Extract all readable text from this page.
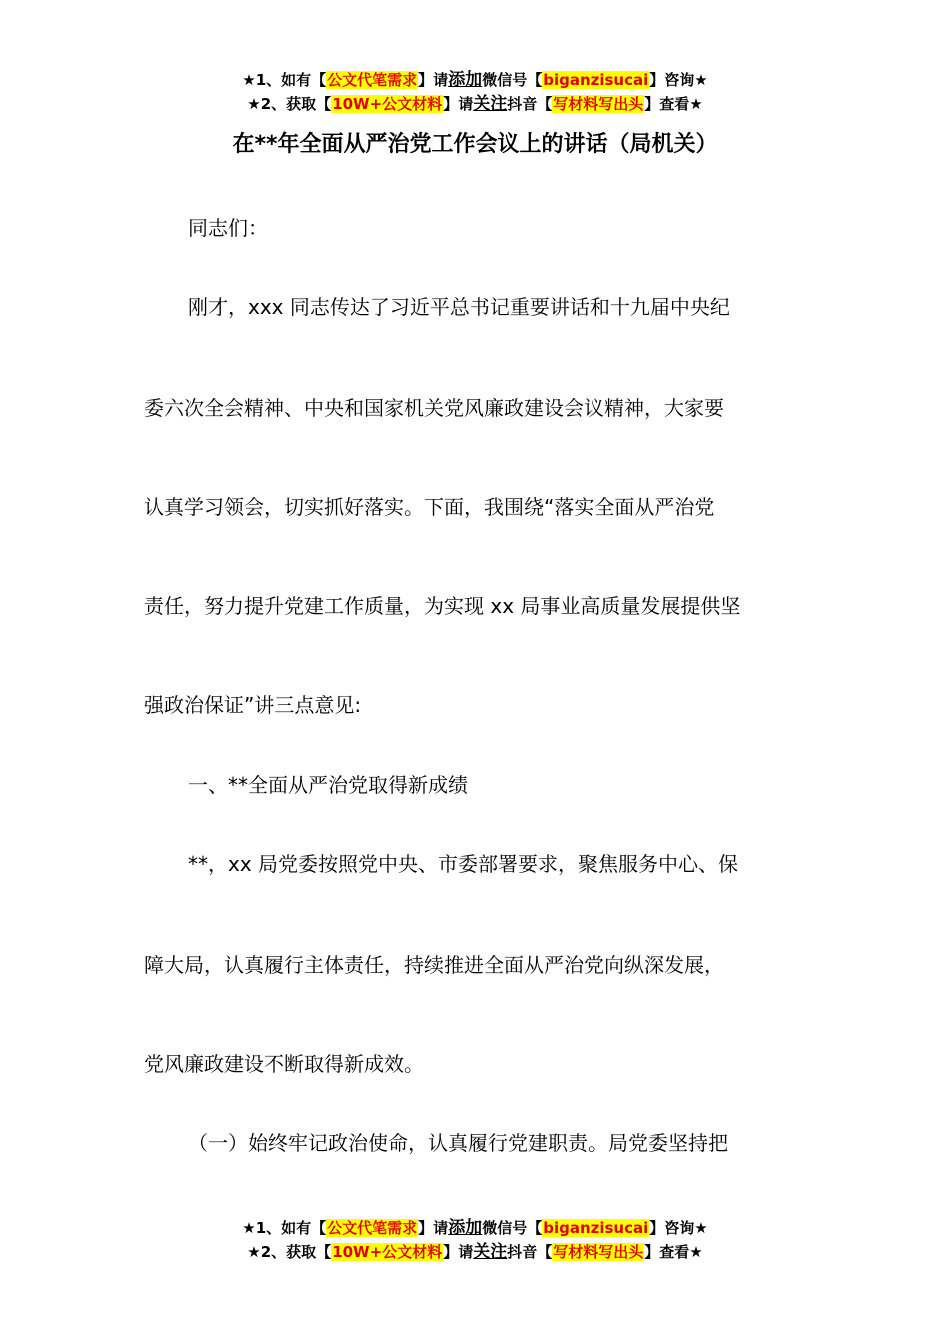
★1、如有【公文代笔需求】请添加微信号【biganzisucai】咨询★
★2、获取【10W+公文材料】请关注抖音【写材料写出头】查看★
在**年全面从严治党工作会议上的讲话（局机关）
同志们：
刚才，xxx 同志传达了习近平总书记重要讲话和十九届中央纪
委六次全会精神、中央和国家机关党风廉政建设会议精神，大家要
认真学习领会，切实抓好落实。下面，我围绕“落实全面从严治党
责任，努力提升党建工作质量，为实现 xx 局事业高质量发展提供坚
强政治保证”讲三点意见:
一、**全面从严治党取得新成绩
**，xx 局党委按照党中央、市委部署要求，聚焦服务中心、保
障大局，认真履行主体责任，持续推进全面从严治党向纵深发展，
党风廉政建设不断取得新成效。
（一）始终牢记政治使命，认真履行党建职责。局党委坚持把
★1、如有【公文代笔需求】请添加微信号【biganzisucai】咨询★
★2、获取【10W+公文材料】请关注抖音【写材料写出头】查看★
